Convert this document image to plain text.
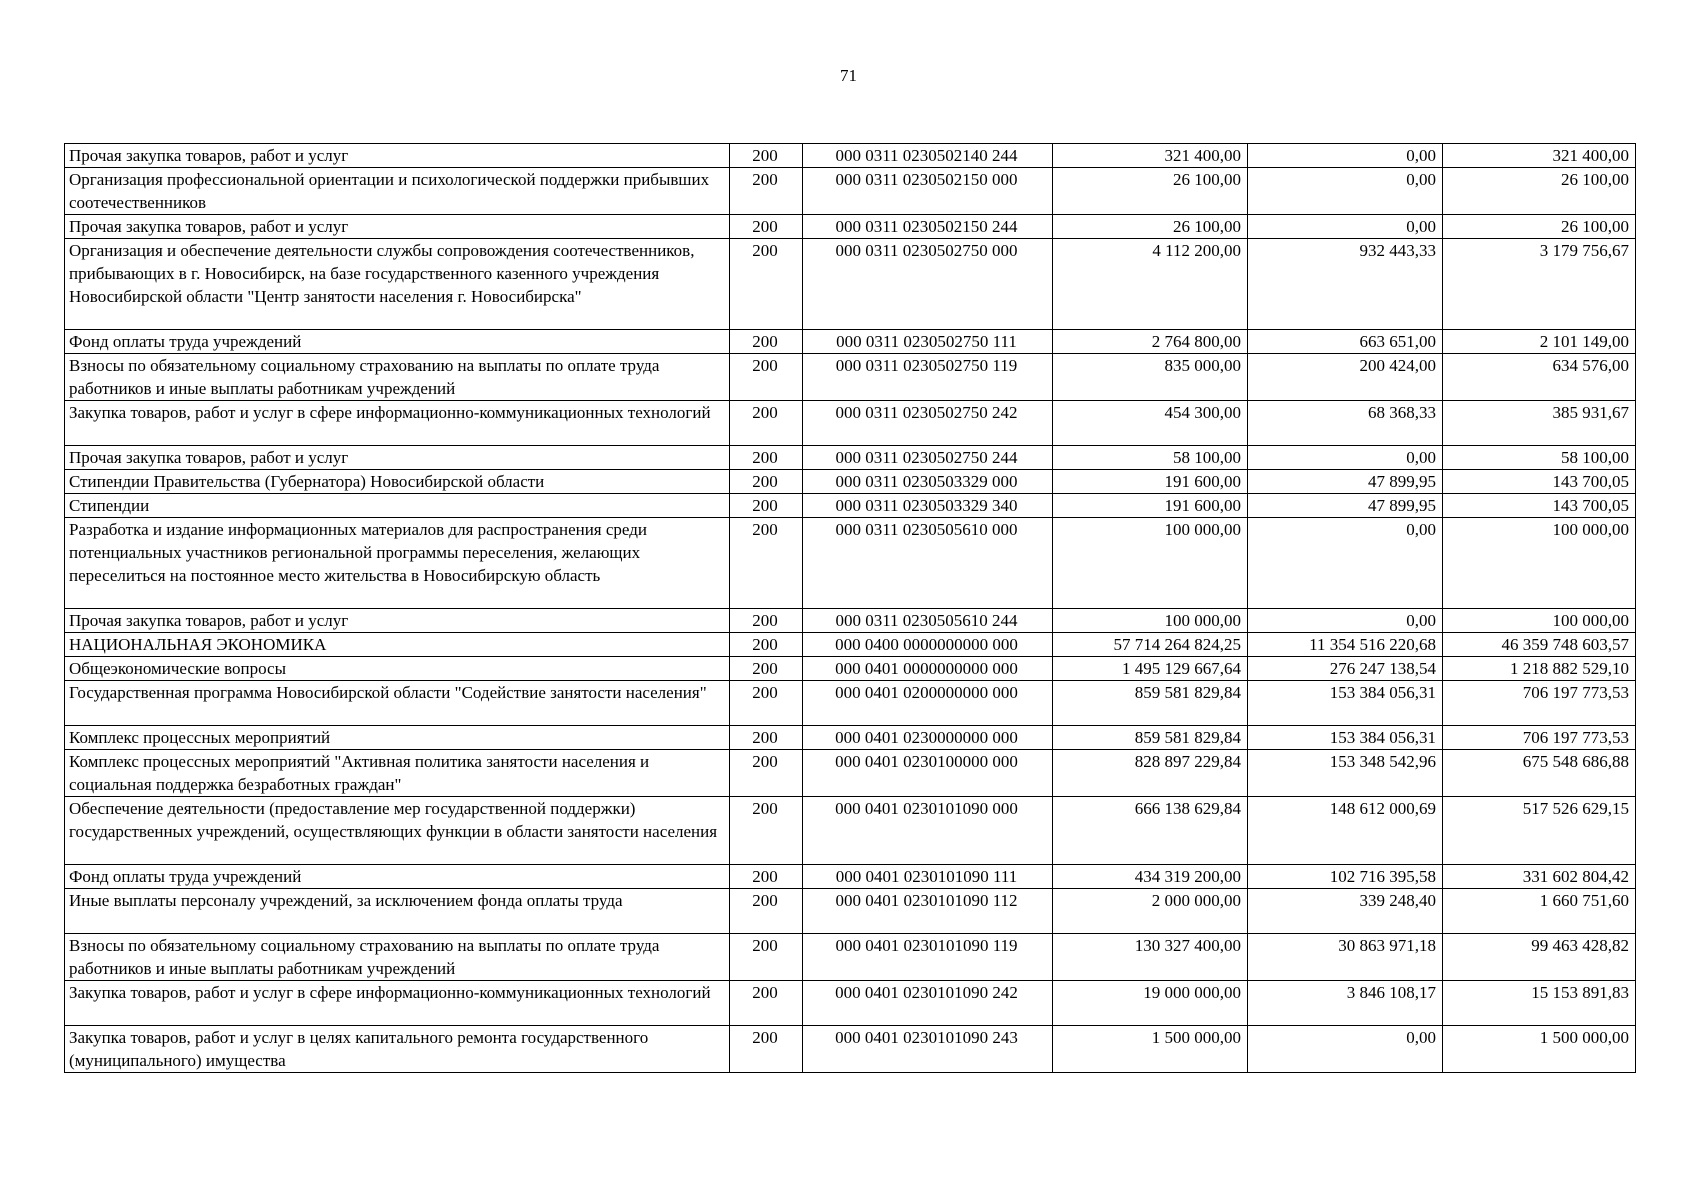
71
Прочая закупка товаров, работ и услуг	200	000 0311 0230502140 244	321 400,00	0,00	321 400,00
Организация профессиональной ориентации и психологической поддержки прибывших соотечественников	200	000 0311 0230502150 000	26 100,00	0,00	26 100,00
Прочая закупка товаров, работ и услуг	200	000 0311 0230502150 244	26 100,00	0,00	26 100,00
Организация и обеспечение деятельности службы сопровождения соотечественников, прибывающих в г. Новосибирск, на базе государственного казенного учреждения Новосибирской области "Центр занятости населения г. Новосибирска"	200	000 0311 0230502750 000	4 112 200,00	932 443,33	3 179 756,67
Фонд оплаты труда учреждений	200	000 0311 0230502750 111	2 764 800,00	663 651,00	2 101 149,00
Взносы по обязательному социальному страхованию на выплаты по оплате труда работников и иные выплаты работникам учреждений	200	000 0311 0230502750 119	835 000,00	200 424,00	634 576,00
Закупка товаров, работ и услуг в сфере информационно-коммуникационных технологий	200	000 0311 0230502750 242	454 300,00	68 368,33	385 931,67
Прочая закупка товаров, работ и услуг	200	000 0311 0230502750 244	58 100,00	0,00	58 100,00
Стипендии Правительства (Губернатора) Новосибирской области	200	000 0311 0230503329 000	191 600,00	47 899,95	143 700,05
Стипендии	200	000 0311 0230503329 340	191 600,00	47 899,95	143 700,05
Разработка и издание информационных материалов для распространения среди потенциальных участников региональной программы переселения, желающих переселиться на постоянное место жительства в Новосибирскую область	200	000 0311 0230505610 000	100 000,00	0,00	100 000,00
Прочая закупка товаров, работ и услуг	200	000 0311 0230505610 244	100 000,00	0,00	100 000,00
НАЦИОНАЛЬНАЯ ЭКОНОМИКА	200	000 0400 0000000000 000	57 714 264 824,25	11 354 516 220,68	46 359 748 603,57
Общеэкономические вопросы	200	000 0401 0000000000 000	1 495 129 667,64	276 247 138,54	1 218 882 529,10
Государственная программа Новосибирской области "Содействие занятости населения"	200	000 0401 0200000000 000	859 581 829,84	153 384 056,31	706 197 773,53
Комплекс процессных мероприятий	200	000 0401 0230000000 000	859 581 829,84	153 384 056,31	706 197 773,53
Комплекс процессных мероприятий "Активная политика занятости населения и социальная поддержка безработных граждан"	200	000 0401 0230100000 000	828 897 229,84	153 348 542,96	675 548 686,88
Обеспечение деятельности (предоставление мер государственной поддержки) государственных учреждений, осуществляющих функции в области занятости населения	200	000 0401 0230101090 000	666 138 629,84	148 612 000,69	517 526 629,15
Фонд оплаты труда учреждений	200	000 0401 0230101090 111	434 319 200,00	102 716 395,58	331 602 804,42
Иные выплаты персоналу учреждений, за исключением фонда оплаты труда	200	000 0401 0230101090 112	2 000 000,00	339 248,40	1 660 751,60
Взносы по обязательному социальному страхованию на выплаты по оплате труда работников и иные выплаты работникам учреждений	200	000 0401 0230101090 119	130 327 400,00	30 863 971,18	99 463 428,82
Закупка товаров, работ и услуг в сфере информационно-коммуникационных технологий	200	000 0401 0230101090 242	19 000 000,00	3 846 108,17	15 153 891,83
Закупка товаров, работ и услуг в целях капитального ремонта государственного (муниципального) имущества	200	000 0401 0230101090 243	1 500 000,00	0,00	1 500 000,00
